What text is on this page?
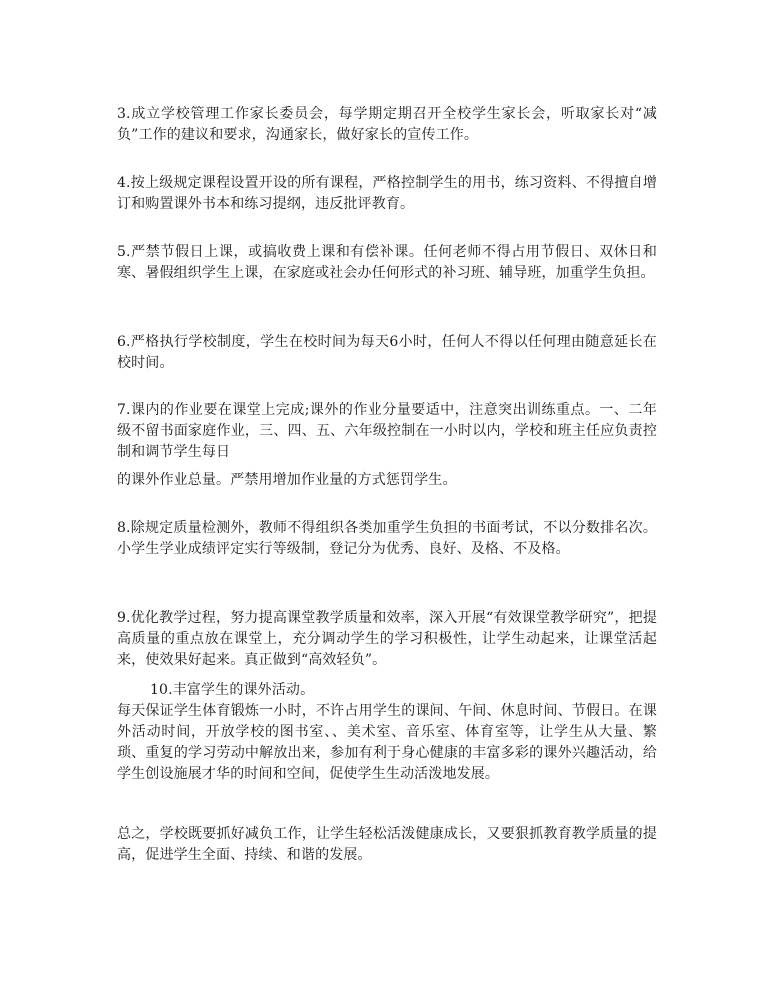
3.成立学校管理工作家长委员会，每学期定期召开全校学生家长会，听取家长对“减负”工作的建议和要求，沟通家长，做好家长的宣传工作。

4.按上级规定课程设置开设的所有课程，严格控制学生的用书，练习资料、不得擅自增订和购置课外书本和练习提纲，违反批评教育。

5.严禁节假日上课，或搞收费上课和有偿补课。任何老师不得占用节假日、双休日和寒、暑假组织学生上课，在家庭或社会办任何形式的补习班、辅导班，加重学生负担。

6.严格执行学校制度，学生在校时间为每天6小时，任何人不得以任何理由随意延长在校时间。

7.课内的作业要在课堂上完成;课外的作业分量要适中，注意突出训练重点。一、二年级不留书面家庭作业，三、四、五、六年级控制在一小时以内，学校和班主任应负责控制和调节学生每日

的课外作业总量。严禁用增加作业量的方式惩罚学生。

8.除规定质量检测外，教师不得组织各类加重学生负担的书面考试，不以分数排名次。小学生学业成绩评定实行等级制，登记分为优秀、良好、及格、不及格。

9.优化教学过程，努力提高课堂教学质量和效率，深入开展“有效课堂教学研究”，把提高质量的重点放在课堂上，充分调动学生的学习积极性，让学生动起来，让课堂活起来，使效果好起来。真正做到“高效轻负”。

10.丰富学生的课外活动。
每天保证学生体育锻炼一小时，不许占用学生的课间、午间、休息时间、节假日。在课外活动时间，开放学校的图书室、、美术室、音乐室、体育室等，让学生从大量、繁琐、重复的学习劳动中解放出来，参加有利于身心健康的丰富多彩的课外兴趣活动，给学生创设施展才华的时间和空间，促使学生生动活泼地发展。

总之，学校既要抓好减负工作，让学生轻松活泼健康成长，又要狠抓教育教学质量的提高，促进学生全面、持续、和谐的发展。
